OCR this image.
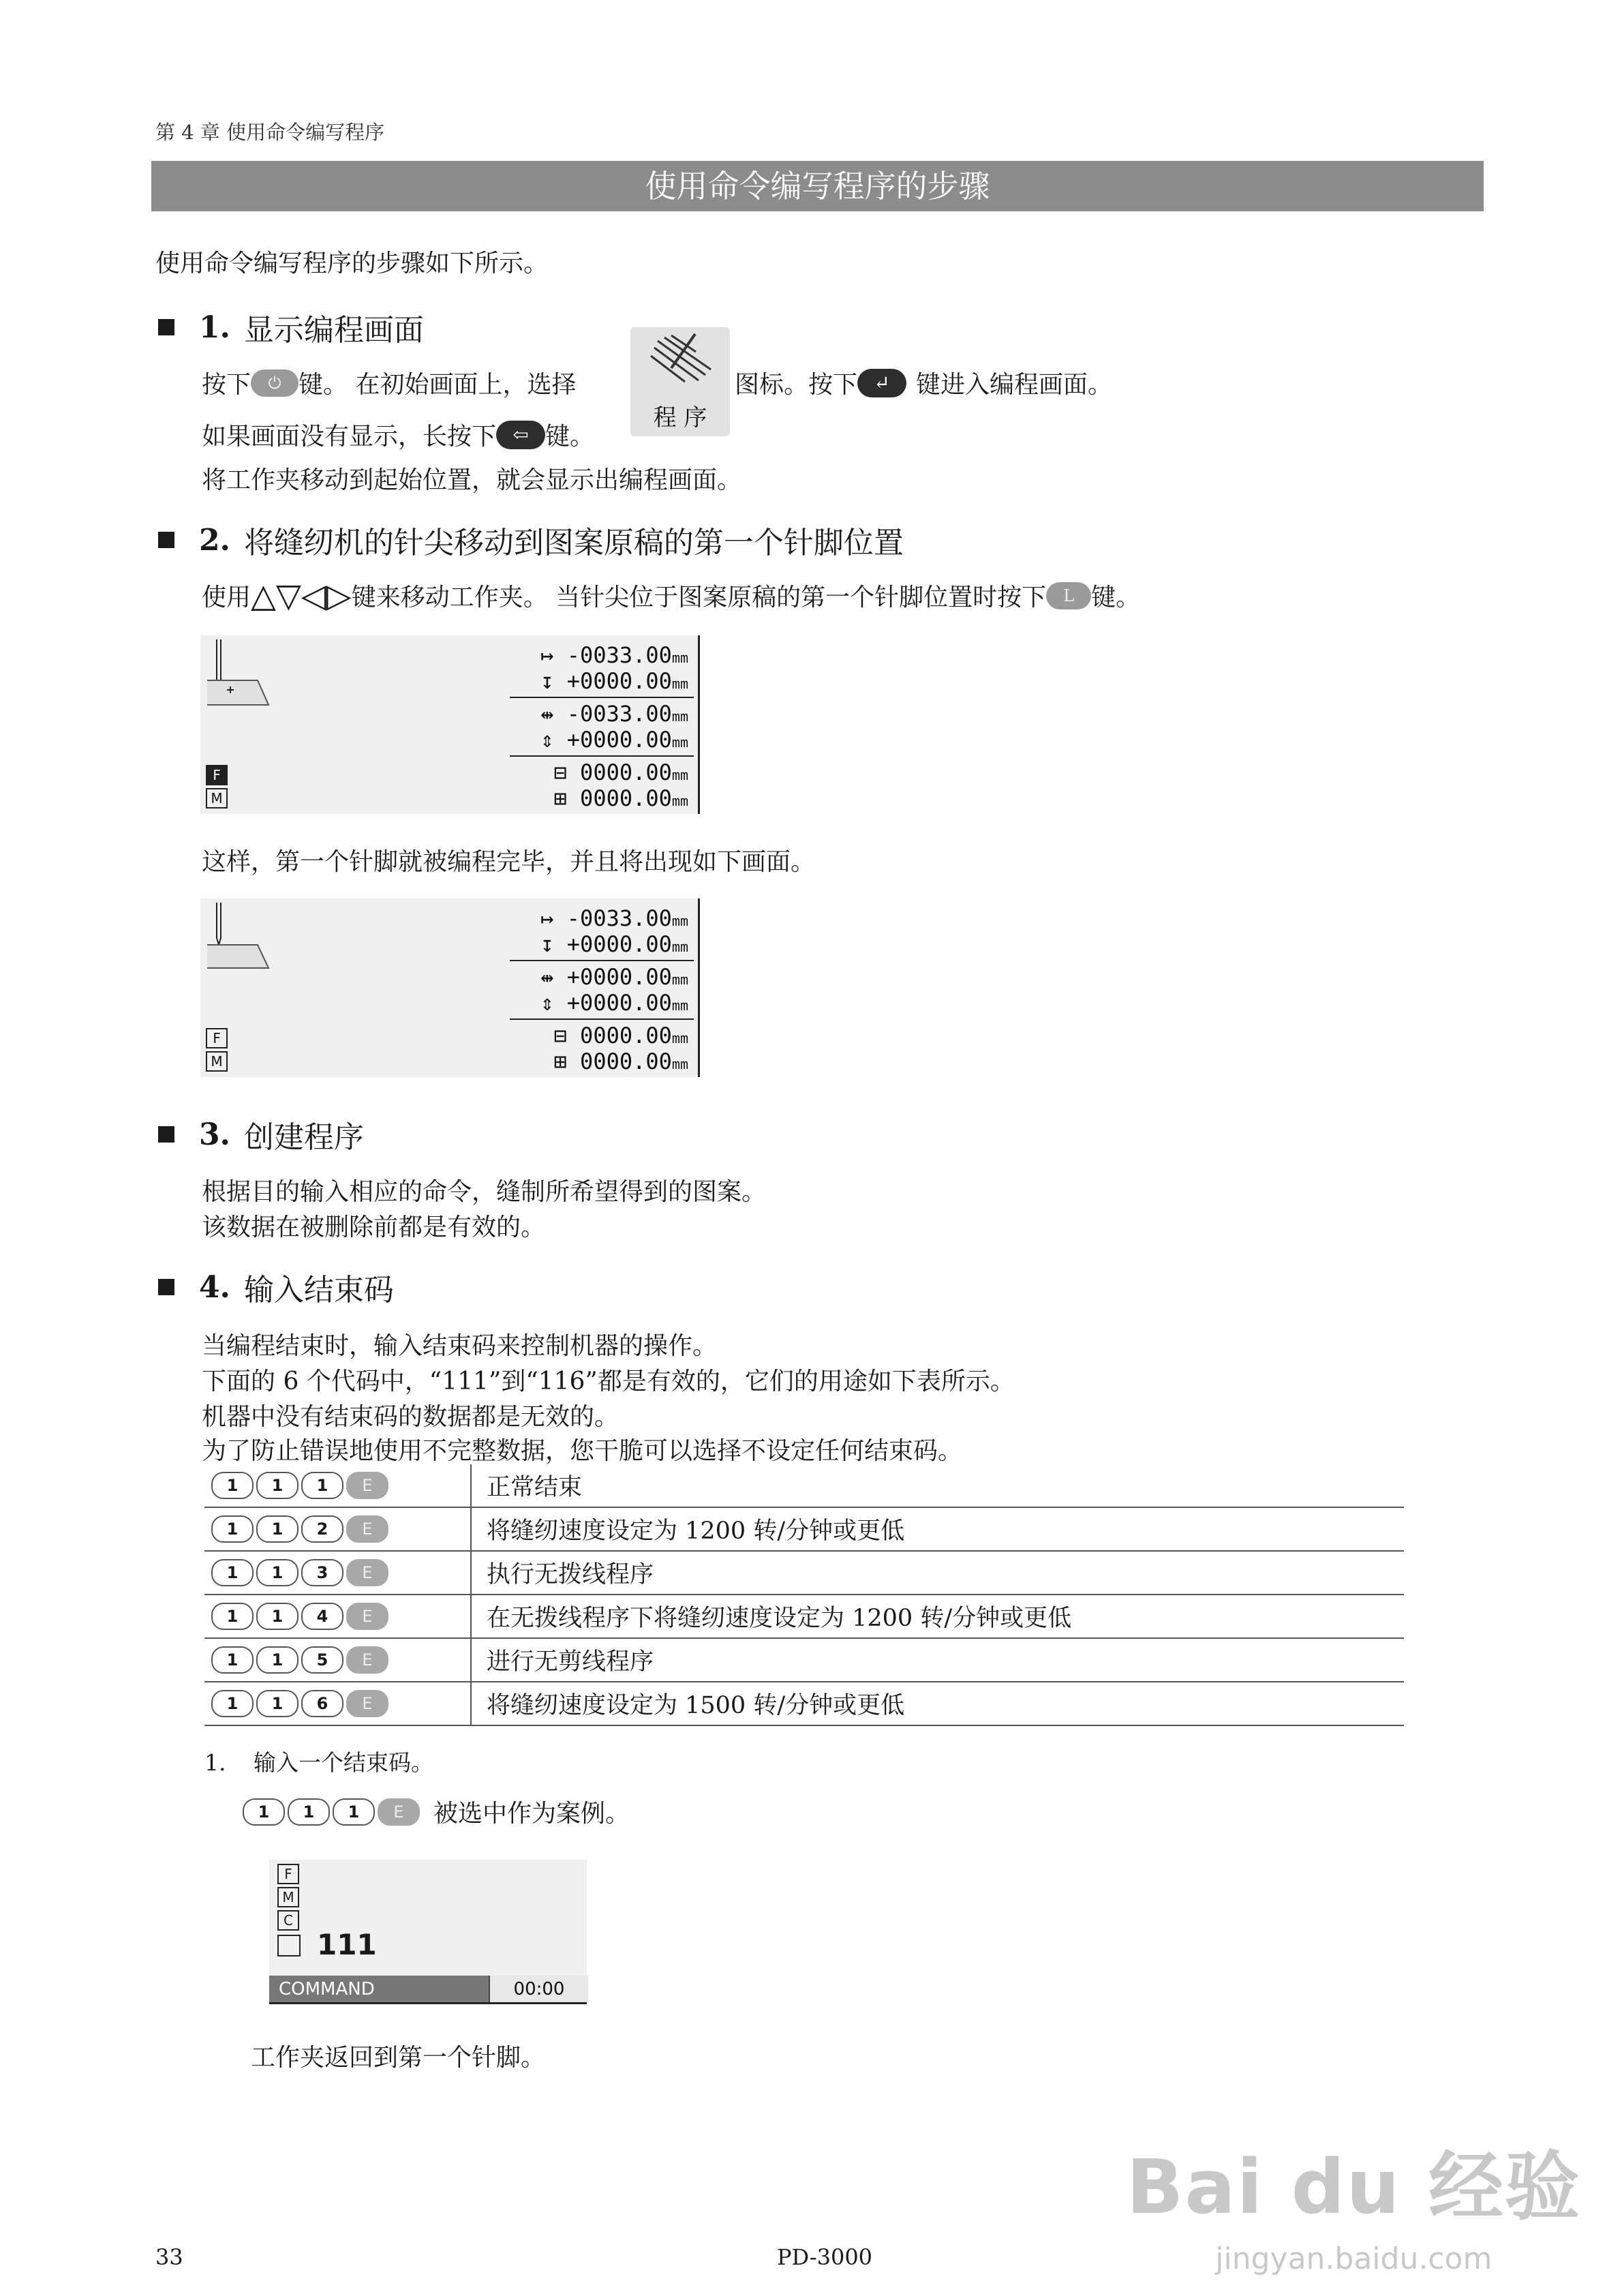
第 4 章 使用命令编写程序
使用命令编写程序的步骤
使用命令编写程序的步骤如下所示。
1. 显示编程画面
按下	⏻ 键。 在初始画面上，选择
程 序
图标。按下 ↵	键进入编程画面。
如果画面没有显示，长按下 ⇦ 键。
将工作夹移动到起始位置，就会显示出编程画面。
2. 将缝纫机的针尖移动到图案原稿的第一个针脚位置
使用 △ ▽ ◁ ▷ 键来移动工作夹。 当针尖位于图案原稿的第一个针脚位置时按下	L 键。
↦ -0033.00mm
↧ +0000.00mm
⇹ -0033.00mm
⇕ +0000.00mm
⊟ 0000.00mm
⊞ 0000.00mm
F
M
这样，第一个针脚就被编程完毕，并且将出现如下画面。
↦ -0033.00mm
↧ +0000.00mm
⇹ +0000.00mm
⇕ +0000.00mm
⊟ 0000.00mm
⊞ 0000.00mm
F
M
3. 创建程序
根据目的输入相应的命令，缝制所希望得到的图案。
该数据在被删除前都是有效的。
4. 输入结束码
当编程结束时，输入结束码来控制机器的操作。
下面的 6 个代码中，“111”到“116”都是有效的，它们的用途如下表所示。
机器中没有结束码的数据都是无效的。
为了防止错误地使用不完整数据，您干脆可以选择不设定任何结束码。
1 1 1 E	正常结束

1 1 2 E	将缝纫速度设定为 1200 转/分钟或更低

1 1 3 E	执行无拨线程序

1 1 4 E	在无拨线程序下将缝纫速度设定为 1200 转/分钟或更低

1 1 5 E	进行无剪线程序

1 1 6 E	将缝纫速度设定为 1500 转/分钟或更低
1. 输入一个结束码。
1	1	1	E	被选中作为案例。
F
M
C
111
COMMAND	00:00
工作夹返回到第一个针脚。
Bai du 经验
jingyan.baidu.com
33	PD-3000
